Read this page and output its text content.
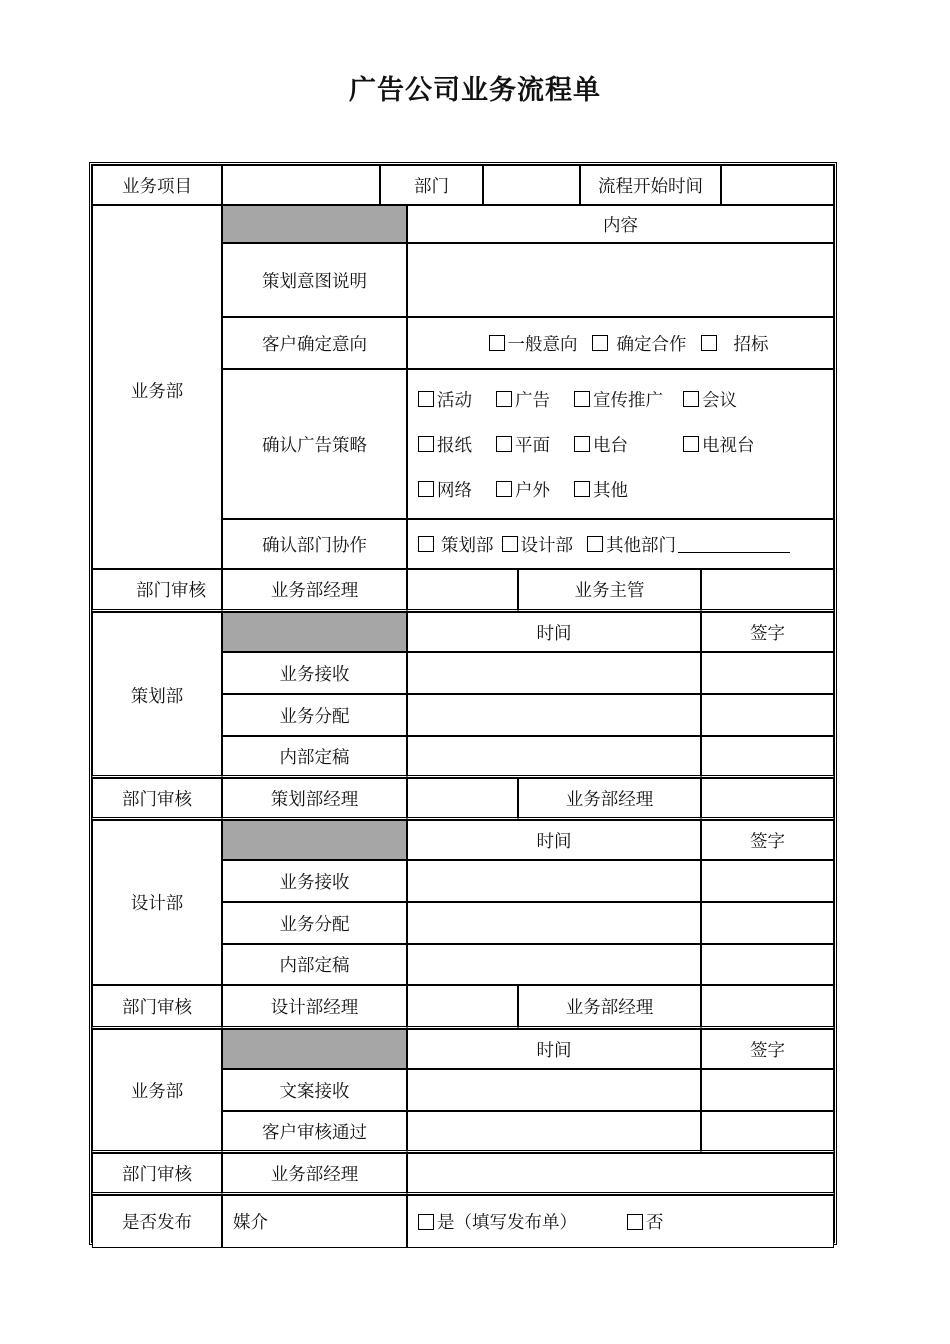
广告公司业务流程单
业务项目	部门	流程开始时间
业务部
内容
策划意图说明
客户确定意向	一般意向 确定合作	招标
确认广告策略
活动 广告 宣传推广 会议
报纸 平面 电台	电视台
网络 户外 其他
确认部门协作	策划部 设计部 其他部门
部门审核	业务部经理	业务主管
策划部
时间	签字
业务接收
业务分配
内部定稿
部门审核	策划部经理	业务部经理
设计部
时间	签字
业务接收
业务分配
内部定稿
部门审核	设计部经理	业务部经理
业务部
时间	签字
文案接收
客户审核通过
部门审核	业务部经理
是否发布	媒介	是（填写发布单）	否
